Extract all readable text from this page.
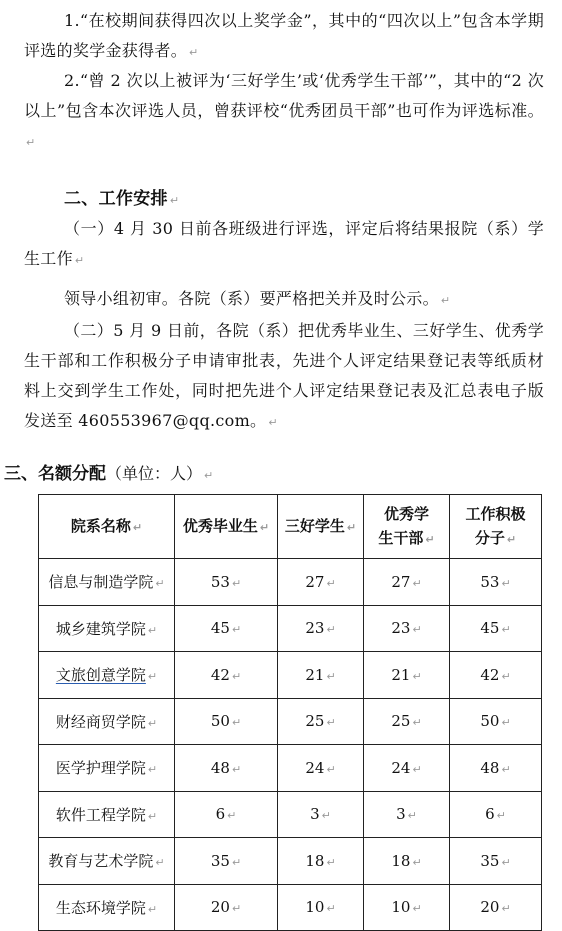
1.“在校期间获得四次以上奖学金”，其中的“四次以上”包含本学期评选的奖学金获得者。 ↵

2.“曾 2 次以上被评为‘三好学生’或‘优秀学生干部’”，其中的“2 次以上”包含本次评选人员，曾获评校“优秀团员干部”也可作为评选标准。↵

二、工作安排 ↵

（一）4 月 30 日前各班级进行评选，评定后将结果报院（系）学生工作 ↵

领导小组初审。各院（系）要严格把关并及时公示。 ↵

（二）5 月 9 日前，各院（系）把优秀毕业生、三好学生、优秀学生干部和工作积极分子申请审批表，先进个人评定结果登记表等纸质材料上交到学生工作处，同时把先进个人评定结果登记表及汇总表电子版发送至 460553967@qq.com。 ↵

三、名额分配（单位：人） ↵

院系名称 ↵	优秀毕业生 ↵	三好学生 ↵	优秀学生干部 ↵	工作积极分子 ↵
信息与制造学院 ↵	53 ↵	27 ↵	27 ↵	53 ↵
城乡建筑学院 ↵	45 ↵	23 ↵	23 ↵	45 ↵
文旅创意学院 ↵	42 ↵	21 ↵	21 ↵	42 ↵
财经商贸学院 ↵	50 ↵	25 ↵	25 ↵	50 ↵
医学护理学院 ↵	48 ↵	24 ↵	24 ↵	48 ↵
软件工程学院 ↵	6 ↵	3 ↵	3 ↵	6 ↵
教育与艺术学院 ↵	35 ↵	18 ↵	18 ↵	35 ↵
生态环境学院 ↵	20 ↵	10 ↵	10 ↵	20 ↵
